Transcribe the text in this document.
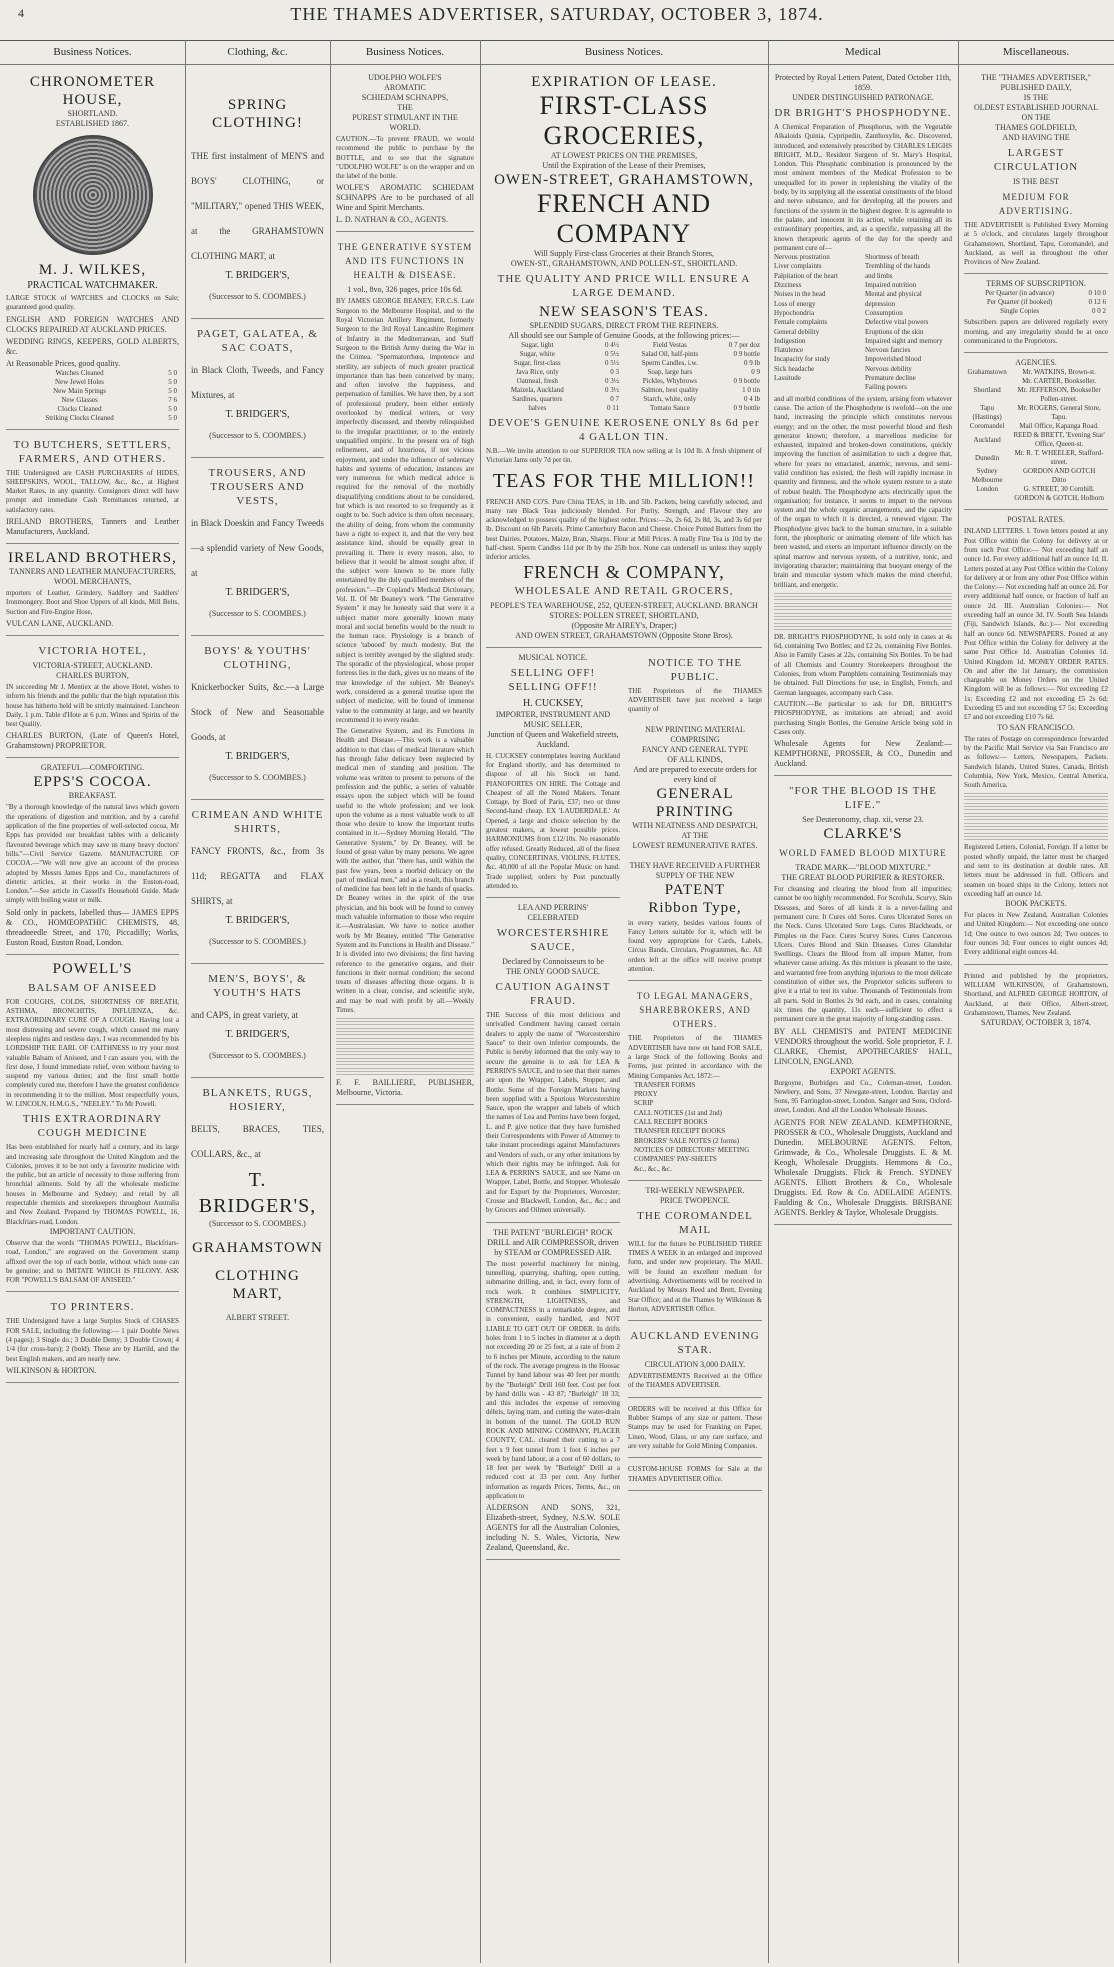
4	THE THAMES ADVERTISER, SATURDAY, OCTOBER 3, 1874.
Business Notices.	Clothing, &c.	Business Notices.	Business Notices.	Medical	Miscellaneous.
CHRONOMETER HOUSE,
SHORTLAND.
ESTABLISHED 1867.
M. J. WILKES,
PRACTICAL WATCHMAKER.

LARGE STOCK of WATCHES and CLOCKS on Sale; guaranteed good quality.

ENGLISH AND FOREIGN WATCHES AND CLOCKS REPAIRED AT AUCKLAND PRICES.

WEDDING RINGS, KEEPERS, GOLD ALBERTS, &c.

At Reasonable Prices, good quality.

Watches Cleaned	5 0
New Jewel Holes	5 0
New Main Springs	5 0
New Glasses	7 6
Clocks Cleaned	5 0
Striking Clocks Cleaned	5 0
TO BUTCHERS, SETTLERS, FARMERS, AND OTHERS.

THE Undersigned are CASH PURCHASERS of HIDES, SHEEPSKINS, WOOL, TALLOW, &c., &c., at Highest Market Rates, in any quantity. Consignors direct will have prompt and immediate Cash Remittances returned, at satisfactory rates.

IRELAND BROTHERS, Tanners and Leather Manufacturers, Auckland.

IRELAND BROTHERS,
TANNERS AND LEATHER MANUFACTURERS, WOOL MERCHANTS,

mporters of Leather, Grindery, Saddlery and Saddlers' Ironmongery. Boot and Shoe Uppers of all kinds, Mill Belts, Suction and Fire-Engine Hose,

VULCAN LANE, AUCKLAND.

VICTORIA HOTEL,
VICTORIA-STREET, AUCKLAND.
CHARLES BURTON,

IN succeeding Mr J. Mentiex at the above Hotel, wishes to inform his friends and the public that the high reputation this house has hitherto held will be strictly maintained. Luncheon Daily, 1 p.m. Table d'Hote at 6 p.m. Wines and Spirits of the best Quality.

CHARLES BURTON, (Late of Queen's Hotel, Grahamstown) PROPRIETOR.

GRATEFUL—COMFORTING.
EPPS'S COCOA.
BREAKFAST.

"By a thorough knowledge of the natural laws which govern the operations of digestion and nutrition, and by a careful application of the fine properties of well-selected cocoa, Mr Epps has provided our breakfast tables with a delicately flavoured beverage which may save us many heavy doctors' bills."—Civil Service Gazette. MANUFACTURE OF COCOA.—"We will now give an account of the process adopted by Messrs James Epps and Co., manufacturers of dietetic articles, at their works in the Euston-road, London."—See article in Cassell's Household Guide. Made simply with boiling water or milk.

Sold only in packets, labelled thus— JAMES EPPS & CO., HOMŒOPATHIC CHEMISTS, 48, threadneedle Street, and 170, Piccadilly; Works, Euston Road, Euston Road, London.

POWELL'S
BALSAM OF ANISEED

FOR COUGHS, COLDS, SHORTNESS OF BREATH, ASTHMA, BRONCHITIS, INFLUENZA, &c. EXTRAORDINARY CURE OF A COUGH. Having lost a most distressing and severe cough, which caused me many sleepless nights and restless days, I was recommended by his LORDSHIP THE EARL OF CAITHNESS to try your most valuable Balsam of Aniseed, and I can assure you, with the first dose, I found immediate relief, even without having to suspend my various duties; and the first small bottle completely cured me, therefore I have the greatest confidence in recommending it to the million. Most respectfully yours, W. LINCOLN, H.M.G.S., "NEELEY." To Mr Powell.

THIS EXTRAORDINARY COUGH MEDICINE

Has been established for nearly half a century, and its large and increasing sale throughout the United Kingdom and the Colonies, proves it to be not only a favourite medicine with the public, but an article of necessity to those suffering from bronchial ailments. Sold by all the wholesale medicine houses in Melbourne and Sydney; and retail by all respectable chemists and storekeepers throughout Australia and New Zealand. Prepared by THOMAS POWELL, 16, Blackfriars-road, London.

IMPORTANT CAUTION.

Observe that the words "THOMAS POWELL, Blackfriars-road, London," are engraved on the Government stamp affixed over the top of each bottle, without which none can be genuine; and to IMITATE WHICH IS FELONY. ASK FOR "POWELL'S BALSAM OF ANISEED."

TO PRINTERS.

THE Undersigned have a large Surplus Stock of CHASES FOR SALE, including the following:— 1 pair Double News (4 pages); 3 Single do.; 3 Double Demy; 3 Double Crown; 4 1/4 (for cross-bars); 2 (bold). These are by Harrild, and the best English makers, and are nearly new.

WILKINSON & HORTON.

SPRING CLOTHING!

THE first instalment of MEN'S and BOYS' CLOTHING, or "MILITARY," opened THIS WEEK, at the GRAHAMSTOWN CLOTHING MART, at

T. BRIDGER'S,
(Successor to S. COOMBES.)
PAGET, GALATEA, & SAC COATS,

in Black Cloth, Tweeds, and Fancy Mixtures, at

T. BRIDGER'S,
(Successor to S. COOMBES.)
TROUSERS, AND TROUSERS AND VESTS,

in Black Doeskin and Fancy Tweeds—a splendid variety of New Goods, at

T. BRIDGER'S,
(Successor to S. COOMBES.)
BOYS' & YOUTHS' CLOTHING,

Knickerbocker Suits, &c.—a Large Stock of New and Seasonable Goods, at

T. BRIDGER'S,
(Successor to S. COOMBES.)
CRIMEAN AND WHITE SHIRTS,

FANCY FRONTS, &c., from 3s 11d; REGATTA and FLAX SHIRTS, at

T. BRIDGER'S,
(Successor to S. COOMBES.)
MEN'S, BOYS', & YOUTH'S HATS

and CAPS, in great variety, at

T. BRIDGER'S,
(Successor to S. COOMBES.)
BLANKETS, RUGS, HOSIERY,

BELTS, BRACES, TIES, COLLARS, &c., at

T. BRIDGER'S,
(Successor to S. COOMBES.)
GRAHAMSTOWN
CLOTHING MART,
ALBERT STREET.
UDOLPHO WOLFE'S
AROMATIC
SCHIEDAM SCHNAPPS,
THE
PUREST STIMULANT IN THE WORLD.

CAUTION.—To prevent FRAUD, we would recommend the public to purchase by the BOTTLE, and to see that the signature "UDOLPHO WOLFE" is on the wrapper and on the label of the bottle.

WOLFE'S AROMATIC SCHIEDAM SCHNAPPS Are to be purchased of all Wine and Spirit Merchants.

L. D. NATHAN & CO., AGENTS.

THE GENERATIVE SYSTEM AND ITS FUNCTIONS IN HEALTH & DISEASE.
1 vol., 8vo, 326 pages, price 10s 6d.

BY JAMES GEORGE BEANEY, F.R.C.S. Late Surgeon to the Melbourne Hospital, and to the Royal Victorian Artillery Regiment, formerly Surgeon to the 3rd Royal Lancashire Regiment of Infantry in the Mediterranean, and Staff Surgeon to the British Army during the War in the Crimea. "Spermatorrhœa, impotence and sterility, are subjects of much greater practical importance than has been conceived by many, and often involve the happiness, and perpetuation of families. We have then, by a sort of professional prudery, been either entirely overlooked by medical writers, or very imperfectly discussed, and thereby relinquished to the irregular practitioner, or to the entirely unqualified empiric. In the present era of high refinement, and of luxurious, if not vicious enjoyment, and under the influence of sedentary habits and systems of education, instances are very numerous for which medical advice is required for the removal of the morbidly disqualifying conditions about to be considered, but which is not resorted to so frequently as it ought to be. Such advice is then often necessary, the ability of doing, from whom the community have a right to expect it, and that the very best assistance kind, should be equally great in prevailing it. There is every reason, also, to believe that it would be almost sought after, if the subject were known to be more fully entertained by the duly qualified members of the profession."—Dr Copland's Medical Dictionary, Vol. II. Of Mr Beaney's work "The Generative System" it may be honestly said that were it a subject matter more generally known many moral and social benefits would be the result to the human race. Physiology is a branch of science 'tabooed' by much modesty. But the subject is terribly avenged by the slighted study. The sporadic of the physiological, whose proper fortress lies in the dark, gives us no means of the true knowledge of the subject. Mr Beaney's work, considered as a general treatise upon the subject of medicine, will be found of immense value to the community at large, and we heartily recommend it to every reader.

The Generative System, and its Functions in Health and Disease.—This work is a valuable addition to that class of medical literature which has through false delicacy been neglected by medical men of standing and position. The volume was written to present to persons of the profession and the public, a series of valuable essays upon the subject which will be found useful to the whole profession; and we look upon the volume as a most valuable work to all those who desire to know the important truths contained in it.—Sydney Morning Herald. "The Generative System," by Dr Beaney, will be found of great value by many persons. We agree with the author, that "there has, until within the past few years, been a morbid delicacy on the part of medical men," and as a result, this branch of medicine has been left in the hands of quacks. Dr Beaney writes in the spirit of the true physician, and his book will be found to convey much valuable information to those who require it.—Australasian. We have to notice another work by Mr Beaney, entitled "The Generative System and its Functions in Health and Disease." It is divided into two divisions; the first having reference to the generative organs, and their functions in their normal condition; the second treats of diseases affecting those organs. It is written in a clear, concise, and scientific style, and may be read with profit by all.—Weekly Times.

F. F. BAILLIERE, PUBLISHER, Melbourne, Victoria.

EXPIRATION OF LEASE.
FIRST-CLASS GROCERIES,
AT LOWEST PRICES ON THE PREMISES,
Until the Expiration of the Lease of their Premises,
OWEN-STREET, GRAHAMSTOWN,
FRENCH AND COMPANY
Will Supply First-class Groceries at their Branch Stores,
OWEN-ST., GRAHAMSTOWN, AND POLLEN-ST., SHORTLAND.
THE QUALITY AND PRICE WILL ENSURE A LARGE DEMAND.
NEW SEASON'S TEAS.
SPLENDID SUGARS, DIRECT FROM THE REFINERS.
All should see our Sample of Genuine Goods, at the following prices:—
Sugar, light	0 4½
Sugar, white	0 5½
Sugar, first-class	0 5½
Java Rice, only	0 3
Oatmeal, fresh	0 3½
Maizela, Auckland	0 3½
Sardines, quarters	0 7
halves	0 11
Field Vestas	0 7 per doz
Salad Oil, half-pints	0 9 bottle
Sperm Candles, i.w.	0 9 lb
Soap, large bars	0 9
Pickles, Whybrows	0 9 bottle
Salmon, best quality	1 0 tin
Starch, white, only	0 4 lb
Tomato Sauce	0 9 bottle
DEVOE'S GENUINE KEROSENE ONLY 8s 6d per 4 GALLON TIN.

N.B.—We invite attention to our SUPERIOR TEA now selling at 1s 10d lb. A fresh shipment of Victorian Jams only 7d per tin.

TEAS FOR THE MILLION!!

FRENCH AND CO'S. Pure China TEAS, in 1lb. and 5lb. Packets, being carefully selected, and many rare Black Teas judiciously blended. For Purity, Strength, and Flavour they are acknowledged to possess quality of the highest order. Prices:—2s, 2s 6d, 2s 8d, 3s, and 3s 6d per lb. Discount on 6lb Parcels. Prime Canterbury Bacon and Cheese. Choice Potted Butters from the best Dairies. Potatoes, Maize, Bran, Sharps. Flour at Mill Prices. A really Fine Tea is 10d by the half-chest. Sperm Candles 11d per lb by the 25lb box. None can undersell us unless they supply inferior articles.

FRENCH & COMPANY,
WHOLESALE AND RETAIL GROCERS,
PEOPLE'S TEA WAREHOUSE, 252, QUEEN-STREET, AUCKLAND. BRANCH STORES: POLLEN STREET, SHORTLAND,
(Opposite Mr AIREY's, Draper;)
AND OWEN STREET, GRAHAMSTOWN (Opposite Stone Bros).
MUSICAL NOTICE.
SELLING OFF! SELLING OFF!!
H. CUCKSEY,
IMPORTER, INSTRUMENT AND MUSIC SELLER,
Junction of Queen and Wakefield streets, Auckland.

H. CUCKSEY contemplates leaving Auckland for England shortly, and has determined to dispose of all his Stock on hand. PIANOFORTES ON HIRE. The Cottage and Cheapest of all the Noted Makers. Tenant Cottage, by Bord of Paris, £37; two or three Second-hand cheap. EX 'LAUDERDALE.' At Opened, a large and choice selection by the greatest makers, at lowest possible prices. HARMONIUMS from £12/10s. No reasonable offer refused. Greatly Reduced, all of the finest quality, CONCERTINAS, VIOLINS, FLUTES, &c. 40,000 of all the Popular Music on hand. Trade supplied; orders by Post punctually attended to.

LEA AND PERRINS'
CELEBRATED
WORCESTERSHIRE SAUCE,
Declared by Connoisseurs to be
THE ONLY GOOD SAUCE.
CAUTION AGAINST FRAUD.

THE Success of this most delicious and unrivalled Condiment having caused certain dealers to apply the name of "Worcestershire Sauce" to their own inferior compounds, the Public is hereby informed that the only way to secure the genuine is to ask for LEA & PERRIN'S SAUCE, and to see that their names are upon the Wrapper, Labels, Stopper, and Bottle. Some of the Foreign Markets having been supplied with a Spurious Worcestershire Sauce, upon the wrapper and labels of which the names of Lea and Perrins have been forged, L. and P. give notice that they have furnished their Correspondents with Power of Attorney to take instant proceedings against Manufacturers and Vendors of such, or any other imitations by which their rights may be infringed. Ask for LEA & PERRIN'S SAUCE, and see Name on Wrapper, Label, Bottle, and Stopper. Wholesale and for Export by the Proprietors, Worcester; Crosse and Blackwell, London, &c., &c.; and by Grocers and Oilmen universally.

THE PATENT "BURLEIGH" ROCK DRILL and AIR COMPRESSOR, driven by STEAM or COMPRESSED AIR.

The most powerful machinery for mining, tunnelling, quarrying, shafting, open cutting, submarine drilling, and, in fact, every form of rock work. It combines SIMPLICITY, STRENGTH, LIGHTNESS, and COMPACTNESS in a remarkable degree, and is convenient, easily handled, and NOT LIABLE TO GET OUT OF ORDER. In drifts holes from 1 to 5 inches in diameter at a depth not exceeding 20 or 25 feet, at a rate of from 2 to 6 inches per Minute, according to the nature of the rock. The average progress in the Hoosac Tunnel by hand labour was 40 feet per month; by the "Burleigh" Drill 160 feet. Cost per foot by hand drills was - 43 87; "Burleigh" 18 33; and this includes the expense of removing débris, laying tram, and cutting the water-drain in bottom of the tunnel. The GOLD RUN ROCK AND MINING COMPANY, PLACER COUNTY, CAL. cleared their cutting to a 7 feet x 9 feet tunnel from 1 foot 6 inches per week by hand labour, at a cost of 60 dollars, to 18 feet per week by "Burleigh" Drill at a reduced cost at 33 per cent. Any further information as regards Prices, Terms, &c., on application to

ALDERSON AND SONS, 321, Elizabeth-street, Sydney, N.S.W. SOLE AGENTS for all the Australian Colonies, including N. S. Wales, Victoria, New Zealand, Queensland, &c.

NOTICE TO THE PUBLIC.

THE Proprietors of the THAMES ADVERTISER have just received a large quantity of

NEW PRINTING MATERIAL
COMPRISING
FANCY AND GENERAL TYPE
OF ALL KINDS,
And are prepared to execute orders for every kind of
GENERAL PRINTING
WITH NEATNESS AND DESPATCH,
AT THE
LOWEST REMUNERATIVE RATES.
THEY HAVE RECEIVED A FURTHER SUPPLY OF THE NEW
PATENT
Ribbon Type,

in every variety, besides various founts of Fancy Letters suitable for it, which will be found very appropriate for Cards, Labels, Circus Bands, Circulars, Programmes, &c. All orders left at the office will receive prompt attention.

TO LEGAL MANAGERS, SHAREBROKERS, AND OTHERS.

THE Proprietors of the THAMES ADVERTISER have now on hand FOR SALE, a large Stock of the following Books and Forms, just printed in accordance with the Mining Companies Act, 1872:—

TRANSFER FORMS
PROXY
SCRIP
CALL NOTICES (1st and 2nd)
CALL RECEIPT BOOKS
TRANSFER RECEIPT BOOKS
BROKERS' SALE NOTES (2 forms)
NOTICES OF DIRECTORS' MEETING
COMPANIES' PAY-SHEETS
&c., &c., &c.
TRI-WEEKLY NEWSPAPER.
PRICE TWOPENCE.
THE COROMANDEL MAIL

WILL for the future be PUBLISHED THREE TIMES A WEEK in an enlarged and improved form, and under new proprietary. The MAIL will be found an excellent medium for advertising. Advertisements will be received in Auckland by Messrs Reed and Brett, Evening Star Office; and at the Thames by Wilkinson & Horton, ADVERTISER Office.

AUCKLAND EVENING STAR.
CIRCULATION 3,000 DAILY.

ADVERTISEMENTS Received at the Office of the THAMES ADVERTISER.

ORDERS will be received at this Office for Rubber Stamps of any size or pattern. These Stamps may be used for Franking on Paper, Linen, Wood, Glass, or any rare surface, and are very suitable for Gold Mining Companies.

CUSTOM-HOUSE FORMS for Sale at the THAMES ADVERTISER Office.

Protected by Royal Letters Patent, Dated October 11th, 1859.
UNDER DISTINGUISHED PATRONAGE.
DR BRIGHT'S PHOSPHODYNE.

A Chemical Preparation of Phosphorus, with the Vegetable Alkaloids Quinia, Cypripedin, Zanthoxylin, &c. Discovered, introduced, and extensively prescribed by CHARLES LEIGHS BRIGHT, M.D., Resident Surgeon of St. Mary's Hospital, London. This Phosphatic combination is pronounced by the most eminent members of the Medical Profession to be unequalled for its power in replenishing the vitality of the body, by its supplying all the essential constituents of the blood and nerve substance, and for developing all the powers and functions of the system in the highest degree. It is agreeable to the palate, and innocent in its action, while retaining all its extraordinary properties, and, as a specific, surpassing all the known therapeutic agents of the day for the speedy and permanent cure of—

Nervous prostration
Liver complaints
Palpitation of the heart
Dizziness
Noises in the head
Loss of energy
Hypochondria
Female complaints
General debility
Indigestion
Flatulence
Incapacity for study
Sick headache
Lassitude
Shortness of breath
Trembling of the hands
and limbs
Impaired nutrition
Mental and physical depression
Consumption
Defective vital powers
Eruptions of the skin
Impaired sight and memory
Nervous fancies
Impoverished blood
Nervous debility
Premature decline
Failing powers

and all morbid conditions of the system, arising from whatever cause. The action of the Phosphodyne is twofold—on the one hand, increasing the principle which constitutes nervous energy; and on the other, the most powerful blood and flesh generator known; therefore, a marvellous medicine for exhausted, impaired and broken-down constitutions, quickly improving the function of assimilation to such a degree that, where for years no emaciated, anæmic, nervous, and semi-valid condition has existed, the flesh will rapidly increase in quantity and firmness, and the whole system restore to a state of robust health. The Phosphodyne acts electrically upon the organisation; for instance, it seems to impart to the nervous system and the whole organic arrangements, and the capacity of the organ to which it is directed, a renewed vigour. The Phosphodyne gives back to the human structure, in a suitable form, the phosphoric or animating element of life which has been wasted, and exerts an important influence directly on the spinal marrow and nervous system, of a nutritive, tonic, and invigorating character; maintaining that buoyant energy of the brain and muscular system which makes the mind cheerful, brilliant, and energetic.

DR. BRIGHT'S PHOSPHODYNE, Is sold only in cases at 4s 6d, containing Two Bottles; and £2 2s, containing Five Bottles. Also in Family Cases at 22s, containing Six Bottles. To be had of all Chemists and Country Storekeepers throughout the Colonies, from whom Pamphlets containing Testimonials may be obtained. Full Directions for use, in English, French, and German languages, accompany each Case.

CAUTION.—Be particular to ask for DR. BRIGHT'S PHOSPHODYNE, as imitations are abroad; and avoid purchasing Single Bottles, the Genuine Article being sold in Cases only.

Wholesale Agents for New Zealand:—KEMPTHORNE, PROSSER, & CO., Dunedin and Auckland.

"FOR THE BLOOD IS THE LIFE."
See Deuteronomy, chap. xii, verse 23.
CLARKE'S
WORLD FAMED BLOOD MIXTURE
TRADE MARK—"BLOOD MIXTURE."
THE GREAT BLOOD PURIFIER & RESTORER.

For cleansing and clearing the blood from all impurities; cannot be too highly recommended. For Scrofula, Scurvy, Skin Diseases, and Sores of all kinds it is a never-failing and permanent cure. It Cures old Sores. Cures Ulcerated Sores on the Neck. Cures Ulcerated Sore Legs. Cures Blackheads, or Pimples on the Face. Cures Scurvy Sores. Cures Cancerous Ulcers. Cures Blood and Skin Diseases. Cures Glandular Swellings. Clears the Blood from all impure Matter, from whatever cause arising. As this mixture is pleasant to the taste, and warranted free from anything injurious to the most delicate constitution of either sex, the Proprietor solicits sufferers to give it a trial to test its value. Thousands of Testimonials from all parts. Sold in Bottles 2s 9d each, and in cases, containing six times the quantity, 11s each—sufficient to effect a permanent cure in the great majority of long-standing cases.

BY ALL CHEMISTS and PATENT MEDICINE VENDORS throughout the world. Sole proprietor, F. J. CLARKE, Chemist, APOTHECARIES' HALL, LINCOLN, ENGLAND.

EXPORT AGENTS.

Burgoyne, Burbidges and Co., Coleman-street, London. Newbery, and Sons, 37 Newgate-street, London. Barclay and Sons, 95 Farringdon-street, London. Sanger and Sons, Oxford-street, London. And all the London Wholesale Houses.

AGENTS FOR NEW ZEALAND. KEMPTHORNE, PROSSER & CO., Wholesale Druggists, Auckland and Dunedin. MELBOURNE AGENTS. Felton, Grimwade, & Co., Wholesale Druggists. E. & M. Keogh, Wholesale Druggists. Hemmons & Co., Wholesale Druggists. Flick & French. SYDNEY AGENTS. Elliott Brothers & Co., Wholesale Druggists. Ed. Row & Co. ADELAIDE AGENTS. Faulding & Co., Wholesale Druggists. BRISBANE AGENTS. Berkley & Taylor, Wholesale Druggists.

THE "THAMES ADVERTISER,"
PUBLISHED DAILY,
IS THE
OLDEST ESTABLISHED JOURNAL
ON THE
THAMES GOLDFIELD,
AND HAVING THE
LARGEST CIRCULATION
IS THE BEST
MEDIUM FOR ADVERTISING.

THE ADVERTISER is Published Every Morning at 5 o'clock, and circulates largely throughout Grahamstown, Shortland, Tapu, Coromandel, and Auckland, as well as throughout the other Provinces of New Zealand.

TERMS OF SUBSCRIPTION.
Per Quarter (in advance)	0 10 0
Per Quarter (if booked)	0 12 6
Single Copies	0 0 2

Subscribers papers are delivered regularly every morning, and any irregularity should be at once communicated to the Proprietors.

AGENCIES.
Grahamstown	Mr. WATKINS, Brown-st.
	Mr. CARTER, Bookseller.
Shortland	Mr. JEFFERSON, Bookseller
	Pollen-street.
Tapu (Hastings)	Mr. ROGERS, General Store, Tapu.
Coromandel	Mail Office, Kapanga Road.
Auckland	REED & BRETT, 'Evening Star' Office, Queen-st.
Dunedin	Mr. R. T. WHEELER, Stafford-street.
Sydney	GORDON AND GOTCH
Melbourne	Ditto
London	G. STREET, 30 Cornhill.
	GORDON & GOTCH, Holborn
POSTAL RATES.

INLAND LETTERS. I. Town letters posted at any Post Office within the Colony for delivery at or from such Post Office:— Not exceeding half an ounce 1d. For every additional half an ounce 1d. II. Letters posted at any Post Office within the Colony for delivery at or from any other Post Office within the Colony:— Not exceeding half an ounce 2d. For every additional half ounce, or fraction of half an ounce 2d. III. Australian Colonies:— Not exceeding half an ounce 3d. IV. South Sea Islands (Fiji, Sandwich Islands, &c.):— Not exceeding half an ounce 6d. NEWSPAPERS. Posted at any Post Office within the Colony for delivery at the same Post Office 1d. Australian Colonies 1d. United Kingdom 1d. MONEY ORDER RATES. On and after the 1st January, the commission chargeable on Money Orders on the United Kingdom will be as follows:— Not exceeding £2 1s; Exceeding £2 and not exceeding £5 2s 6d; Exceeding £5 and not exceeding £7 5s; Exceeding £7 and not exceeding £10 7s 6d.

TO SAN FRANCISCO.

The rates of Postage on correspondence forwarded by the Pacific Mail Service via San Francisco are as follows:— Letters, Newspapers, Packets. Sandwich Islands, United States, Canada, British Columbia, New York, Mexico, Central America, South America.

Registered Letters, Colonial, Foreign. If a letter be posted wholly unpaid, the latter must be charged and sent to its destination at double rates. All letters must be addressed in full. Officers and seamen on board ships in the Colony, letters not exceeding half an ounce 1d.

BOOK PACKETS.

For places in New Zealand, Australian Colonies and United Kingdom:— Not exceeding one ounce 1d; One ounce to two ounces 2d; Two ounces to four ounces 3d; Four ounces to eight ounces 4d; Every additional eight ounces 4d.

Printed and published by the proprietors, WILLIAM WILKINSON, of Grahamstown, Shortland, and ALFRED GEORGE HORTON, of Auckland, at their Office, Albert-street, Grahamstown, Thames, New Zealand.

SATURDAY, OCTOBER 3, 1874.
